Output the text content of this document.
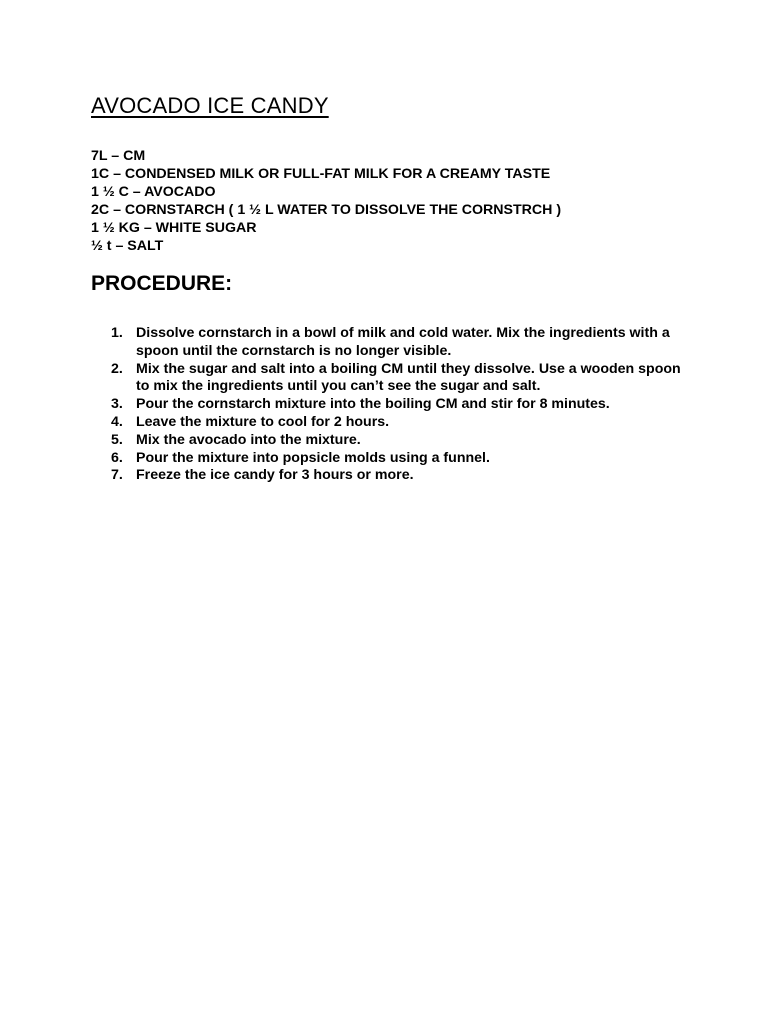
AVOCADO ICE CANDY
7L – CM
1C – CONDENSED MILK OR FULL-FAT MILK FOR A CREAMY TASTE
1 ½ C – AVOCADO
2C – CORNSTARCH ( 1 ½ L WATER TO DISSOLVE THE CORNSTRCH )
1 ½ KG – WHITE SUGAR
½ t – SALT
PROCEDURE:
1. Dissolve cornstarch in a bowl of milk and cold water. Mix the ingredients with a spoon until the cornstarch is no longer visible.
2. Mix the sugar and salt into a boiling CM until they dissolve. Use a wooden spoon to mix the ingredients until you can’t see the sugar and salt.
3. Pour the cornstarch mixture into the boiling CM and stir for 8 minutes.
4. Leave the mixture to cool for 2 hours.
5. Mix the avocado into the mixture.
6. Pour the mixture into popsicle molds using a funnel.
7. Freeze the ice candy for 3 hours or more.
